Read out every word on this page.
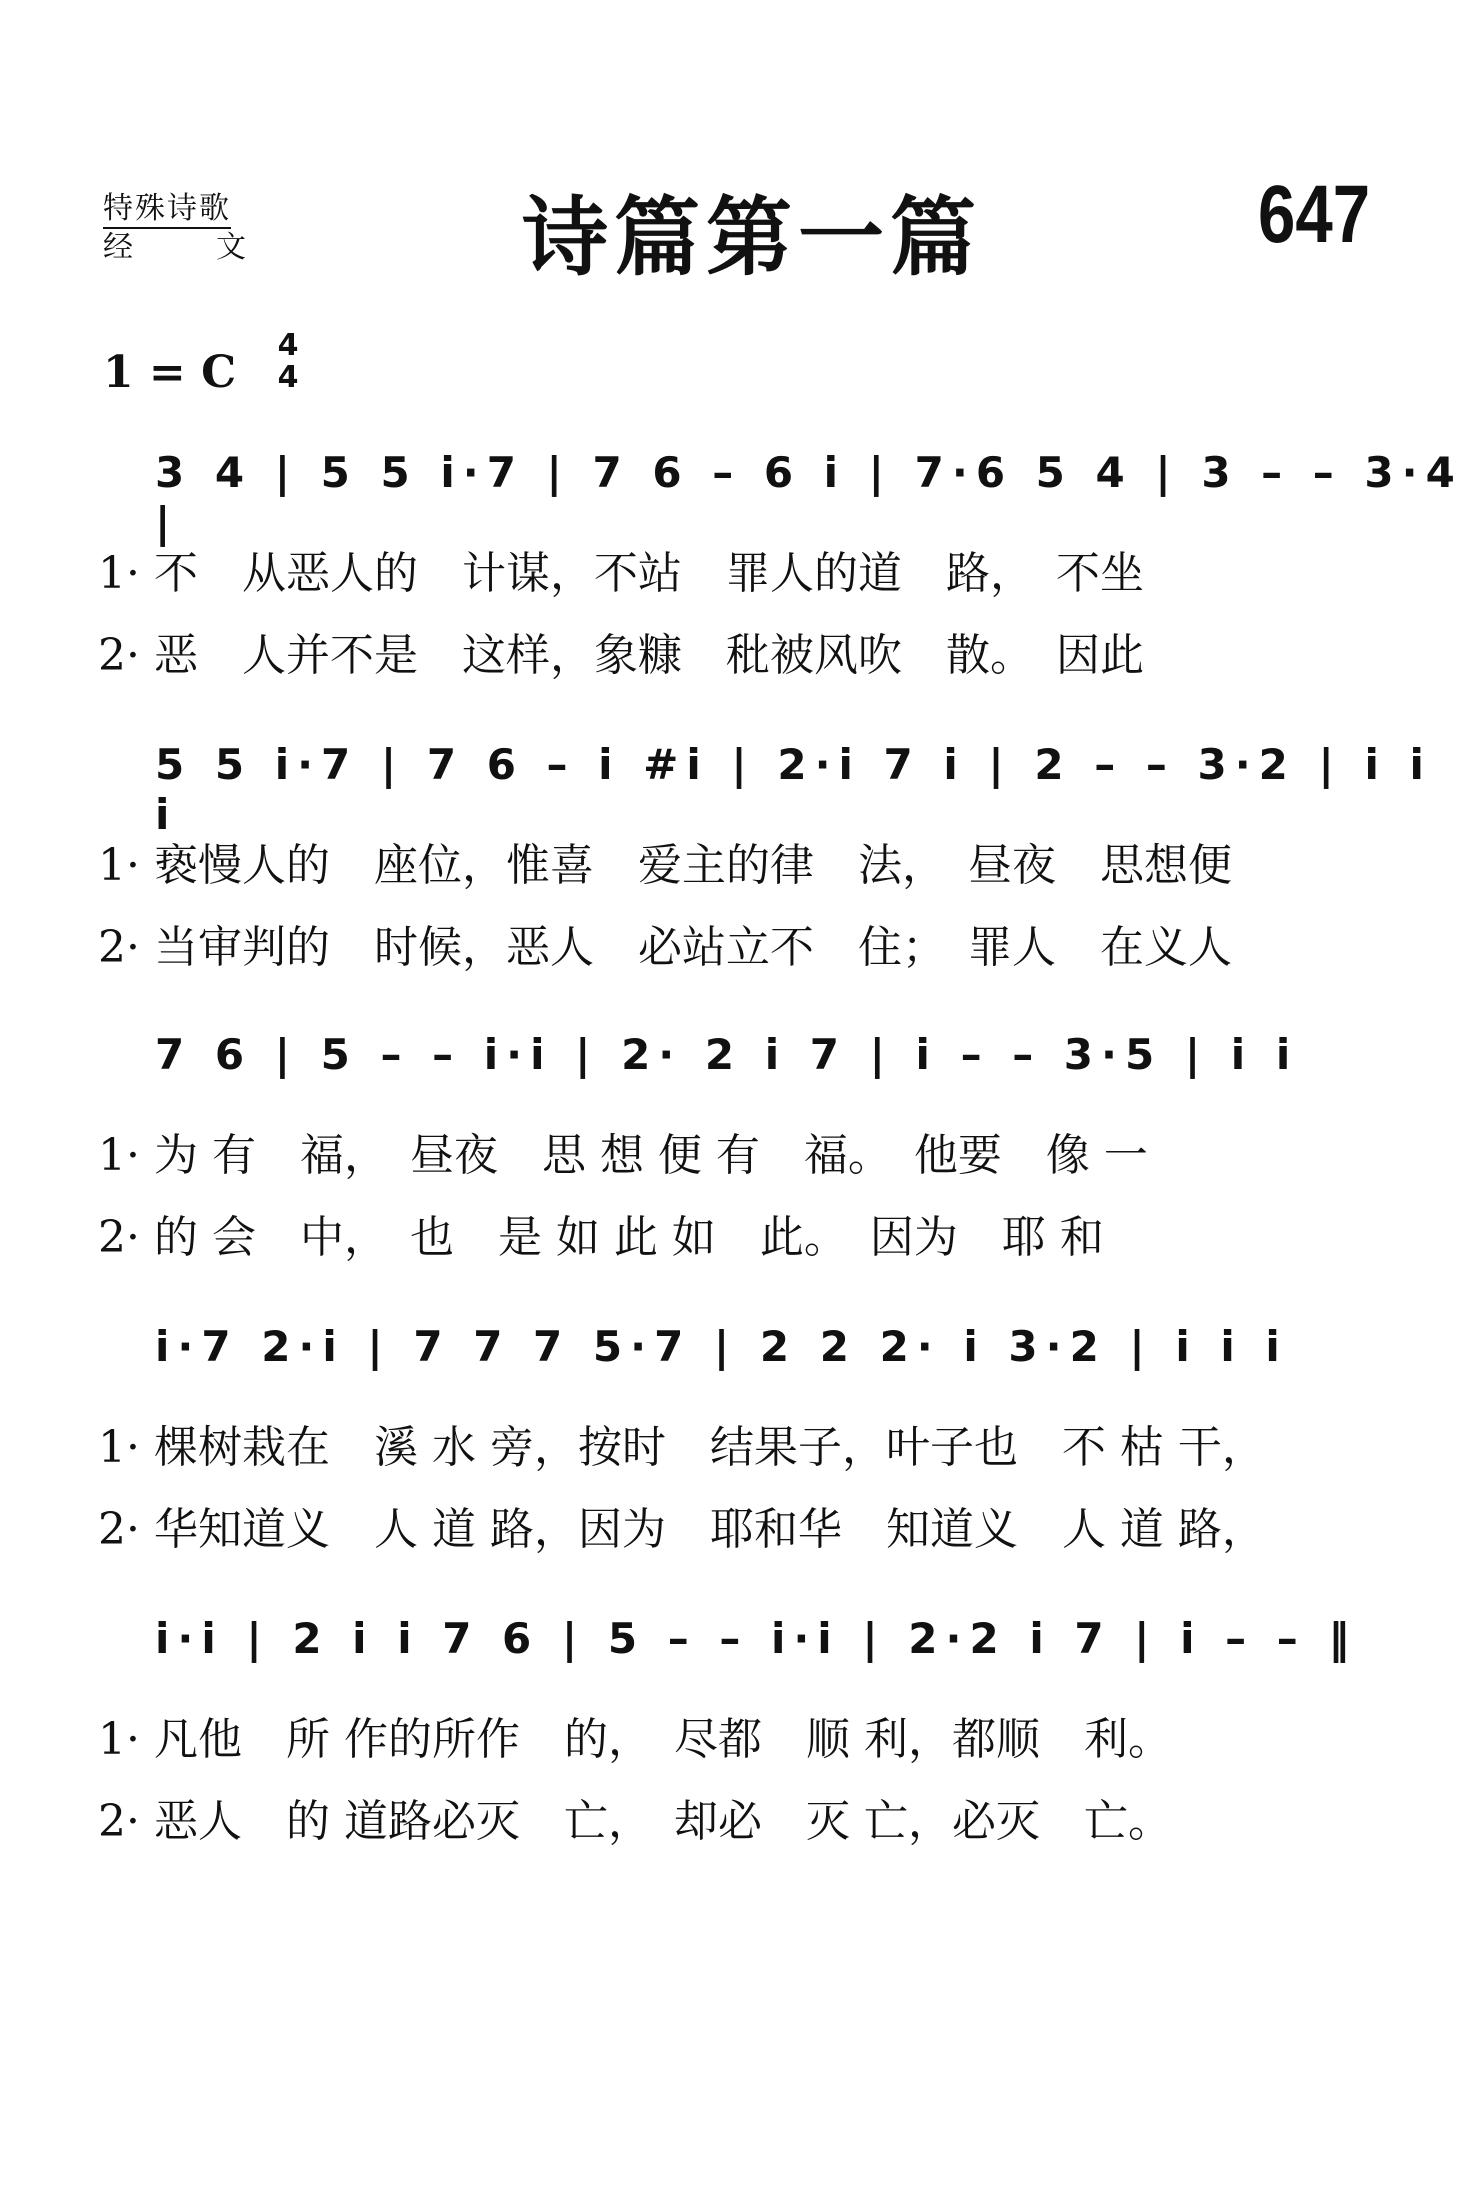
特殊诗歌
经	文	诗篇第一篇	647
1 = C
4
4
3 4 | 5 5 i·7 | 7 6 – 6 i | 7·6 5 4 | 3 – – 3·4 |
1· 不　从恶人的　计谋，不站　罪人的道　路，　不坐
2· 恶　人并不是　这样，象糠　秕被风吹　散。　因此
5 5 i·7 | 7 6 – i #i | 2·i 7 i | 2 – – 3·2 | i i i
1· 亵慢人的　座位，惟喜　爱主的律　法，　昼夜　思想便
2· 当审判的　时候，恶人　必站立不　住；　罪人　在义人
7 6 | 5 – – i·i | 2· 2 i 7 | i – – 3·5 | i i
1· 为 有　福，　昼夜　思 想 便 有　福。　他要　像 一
2· 的 会　中，　也　是 如 此 如　此。　因为　耶 和
i·7 2·i | 7 7 7 5·7 | 2 2 2· i 3·2 | i i i
1· 棵树栽在　溪 水 旁，按时　结果子，叶子也　不 枯 干，
2· 华知道义　人 道 路，因为　耶和华　知道义　人 道 路，
i·i | 2 i i 7 6 | 5 – – i·i | 2·2 i 7 | i – – ‖
1· 凡他　所 作的所作　的，　尽都　顺 利，都顺　利。
2· 恶人　的 道路必灭　亡，　却必　灭 亡，必灭　亡。
